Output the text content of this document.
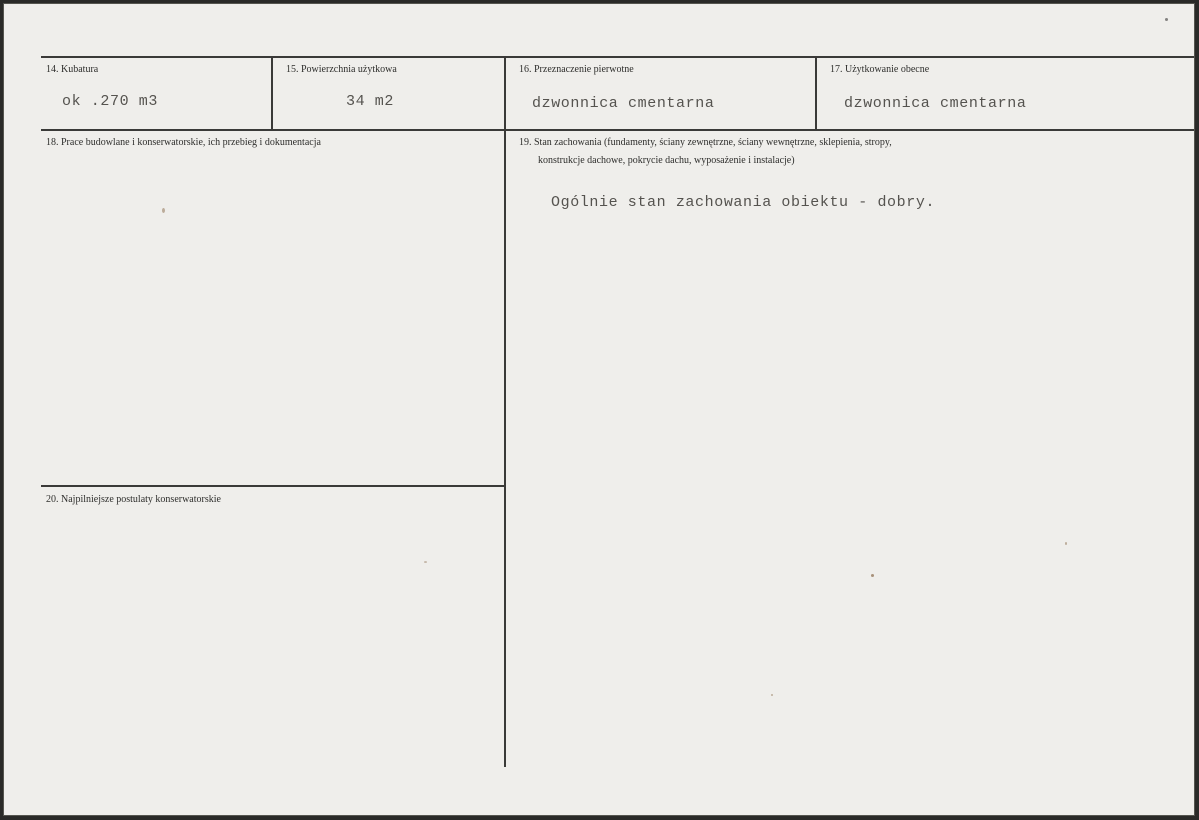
14. Kubatura
ok .270 m3
15. Powierzchnia użytkowa
34 m2
16. Przeznaczenie pierwotne
dzwonnica cmentarna
17. Użytkowanie obecne
dzwonnica cmentarna
18. Prace budowlane i konserwatorskie, ich przebieg i dokumentacja	19. Stan zachowania (fundamenty, ściany zewnętrzne, ściany wewnętrzne, sklepienia, stropy,
konstrukcje dachowe, pokrycie dachu, wyposażenie i instalacje)
Ogólnie stan zachowania obiektu - dobry.
20. Najpilniejsze postulaty konserwatorskie
